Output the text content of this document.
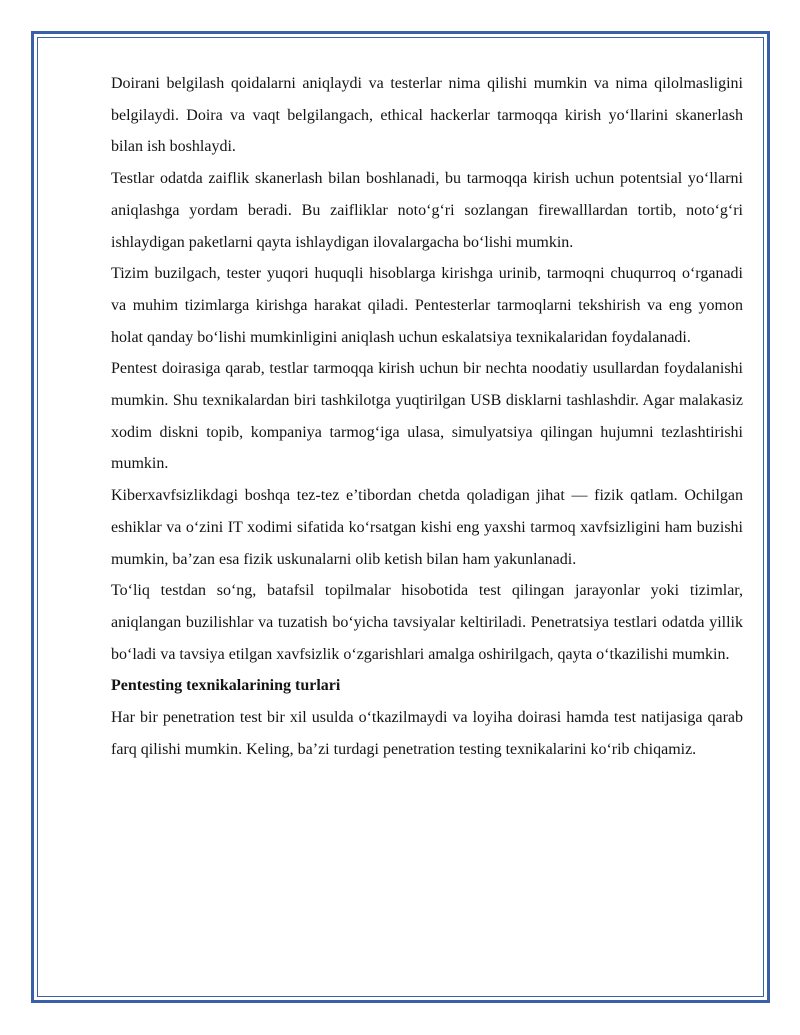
Doirani belgilash qoidalarni aniqlaydi va testerlar nima qilishi mumkin va nima qilolmasligini belgilaydi. Doira va vaqt belgilangach, ethical hackerlar tarmoqqa kirish yo‘llarini skanerlash bilan ish boshlaydi.

Testlar odatda zaiflik skanerlash bilan boshlanadi, bu tarmoqqa kirish uchun potentsial yo‘llarni aniqlashga yordam beradi. Bu zaifliklar noto‘g‘ri sozlangan firewalllardan tortib, noto‘g‘ri ishlaydigan paketlarni qayta ishlaydigan ilovalargacha bo‘lishi mumkin.

Tizim buzilgach, tester yuqori huquqli hisoblarga kirishga urinib, tarmoqni chuqurroq o‘rganadi va muhim tizimlarga kirishga harakat qiladi. Pentesterlar tarmoqlarni tekshirish va eng yomon holat qanday bo‘lishi mumkinligini aniqlash uchun eskalatsiya texnikalaridan foydalanadi.

Pentest doirasiga qarab, testlar tarmoqqa kirish uchun bir nechta noodatiy usullardan foydalanishi mumkin. Shu texnikalardan biri tashkilotga yuqtirilgan USB disklarni tashlashdir. Agar malakasiz xodim diskni topib, kompaniya tarmog‘iga ulasa, simulyatsiya qilingan hujumni tezlashtirishi mumkin.

Kiberxavfsizlikdagi boshqa tez-tez e’tibordan chetda qoladigan jihat — fizik qatlam. Ochilgan eshiklar va o‘zini IT xodimi sifatida ko‘rsatgan kishi eng yaxshi tarmoq xavfsizligini ham buzishi mumkin, ba’zan esa fizik uskunalarni olib ketish bilan ham yakunlanadi.

To‘liq testdan so‘ng, batafsil topilmalar hisobotida test qilingan jarayonlar yoki tizimlar, aniqlangan buzilishlar va tuzatish bo‘yicha tavsiyalar keltiriladi. Penetratsiya testlari odatda yillik bo‘ladi va tavsiya etilgan xavfsizlik o‘zgarishlari amalga oshirilgach, qayta o‘tkazilishi mumkin.

Pentesting texnikalarining turlari

Har bir penetration test bir xil usulda o‘tkazilmaydi va loyiha doirasi hamda test natijasiga qarab farq qilishi mumkin. Keling, ba’zi turdagi penetration testing texnikalarini ko‘rib chiqamiz.
